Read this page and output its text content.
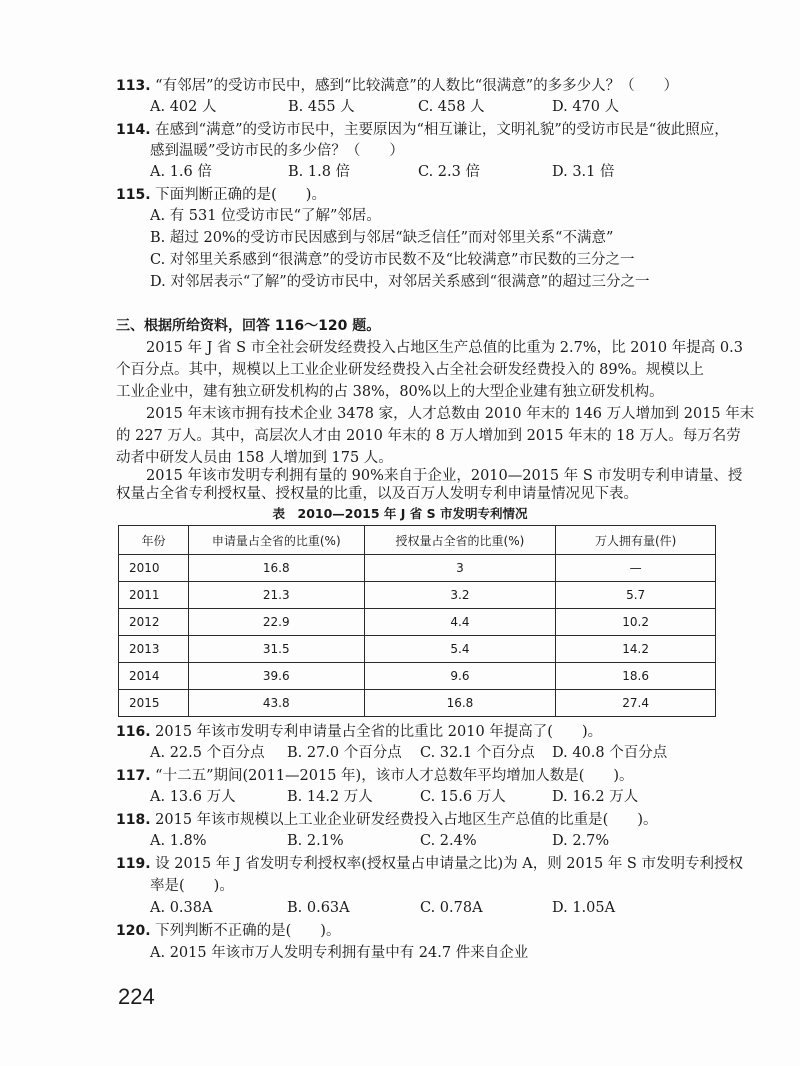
113. “有邻居”的受访市民中，感到“比较满意”的人数比“很满意”的多多少人？（　　）
A. 402 人	B. 455 人	C. 458 人	D. 470 人
114. 在感到“满意”的受访市民中，主要原因为“相互谦让，文明礼貌”的受访市民是“彼此照应，
感到温暖”受访市民的多少倍？（　　）
A. 1.6 倍	B. 1.8 倍	C. 2.3 倍	D. 3.1 倍
115. 下面判断正确的是(　　)。
A. 有 531 位受访市民“了解”邻居。
B. 超过 20%的受访市民因感到与邻居“缺乏信任”而对邻里关系“不满意”
C. 对邻里关系感到“很满意”的受访市民数不及“比较满意”市民数的三分之一
D. 对邻居表示“了解”的受访市民中，对邻居关系感到“很满意”的超过三分之一
三、根据所给资料，回答 116～120 题。
2015 年 J 省 S 市全社会研发经费投入占地区生产总值的比重为 2.7%，比 2010 年提高 0.3
个百分点。其中，规模以上工业企业研发经费投入占全社会研发经费投入的 89%。规模以上
工业企业中，建有独立研发机构的占 38%，80%以上的大型企业建有独立研发机构。
2015 年末该市拥有技术企业 3478 家，人才总数由 2010 年末的 146 万人增加到 2015 年末
的 227 万人。其中，高层次人才由 2010 年末的 8 万人增加到 2015 年末的 18 万人。每万名劳
动者中研发人员由 158 人增加到 175 人。
2015 年该市发明专利拥有量的 90%来自于企业，2010—2015 年 S 市发明专利申请量、授
权量占全省专利授权量、授权量的比重，以及百万人发明专利申请量情况见下表。
表　2010—2015 年 J 省 S 市发明专利情况
年份	申请量占全省的比重(%)	授权量占全省的比重(%)	万人拥有量(件)
2010	16.8	3	—
2011	21.3	3.2	5.7
2012	22.9	4.4	10.2
2013	31.5	5.4	14.2
2014	39.6	9.6	18.6
2015	43.8	16.8	27.4
116. 2015 年该市发明专利申请量占全省的比重比 2010 年提高了(　　)。
A. 22.5 个百分点 B. 27.0 个百分点 C. 32.1 个百分点 D. 40.8 个百分点
117. “十二五”期间(2011—2015 年)，该市人才总数年平均增加人数是(　　)。
A. 13.6 万人	B. 14.2 万人	C. 15.6 万人	D. 16.2 万人
118. 2015 年该市规模以上工业企业研发经费投入占地区生产总值的比重是(　　)。
A. 1.8%	B. 2.1%	C. 2.4%	D. 2.7%
119. 设 2015 年 J 省发明专利授权率(授权量占申请量之比)为 A，则 2015 年 S 市发明专利授权
率是(　　)。
A. 0.38A	B. 0.63A	C. 0.78A	D. 1.05A
120. 下列判断不正确的是(　　)。
A. 2015 年该市万人发明专利拥有量中有 24.7 件来自企业
224
